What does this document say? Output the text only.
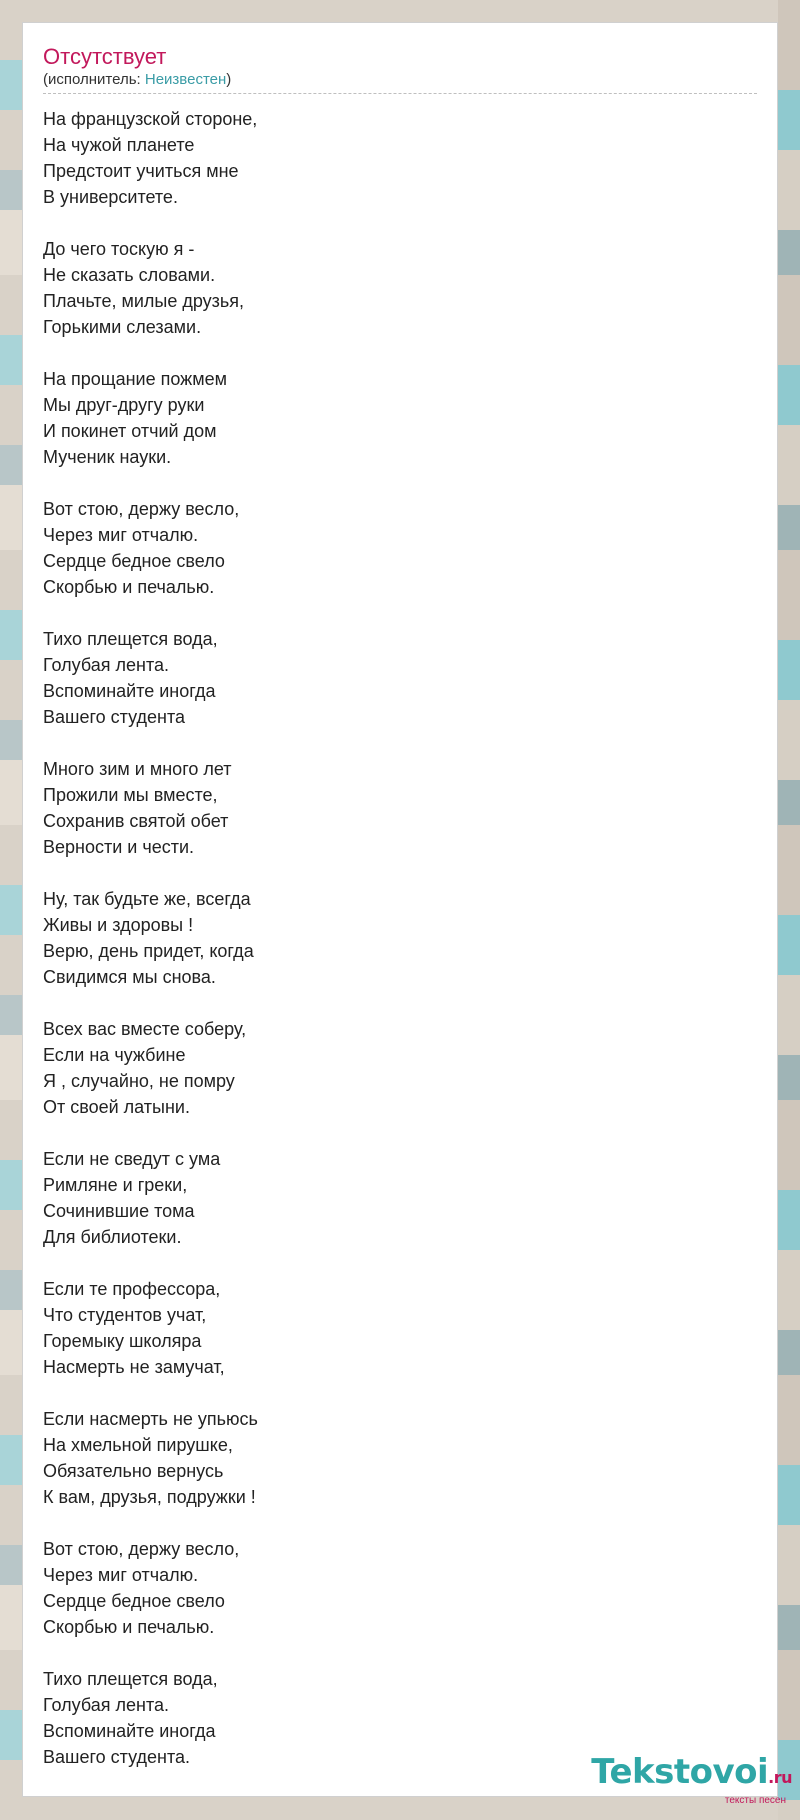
Отсутствует
(исполнитель: Неизвестен)
На французской стороне,
На чужой планете
Предстоит учиться мне
В университете.
До чего тоскую я -
Не сказать словами.
Плачьте, милые друзья,
Горькими слезами.
На прощание пожмем
Мы друг-другу руки
И покинет отчий дом
Мученик науки.
Вот стою, держу весло,
Через миг отчалю.
Сердце бедное свело
Скорбью и печалью.
Тихо плещется вода,
Голубая лента.
Вспоминайте иногда
Вашего студента
Много зим и много лет
Прожили мы вместе,
Сохранив святой обет
Верности и чести.
Ну, так будьте же, всегда
Живы и здоровы !
Верю, день придет, когда
Свидимся мы снова.
Всех вас вместе соберу,
Если на чужбине
Я , случайно, не помру
От своей латыни.
Если не сведут с ума
Римляне и греки,
Сочинившие тома
Для библиотеки.
Если те профессора,
Что студентов учат,
Горемыку школяра
Насмерть не замучат,
Если насмерть не упьюсь
На хмельной пирушке,
Обязательно вернусь
К вам, друзья, подружки !
Вот стою, держу весло,
Через миг отчалю.
Сердце бедное свело
Скорбью и печалью.
Тихо плещется вода,
Голубая лента.
Вспоминайте иногда
Вашего студента.	Tekstovoi.ru
тексты песен
